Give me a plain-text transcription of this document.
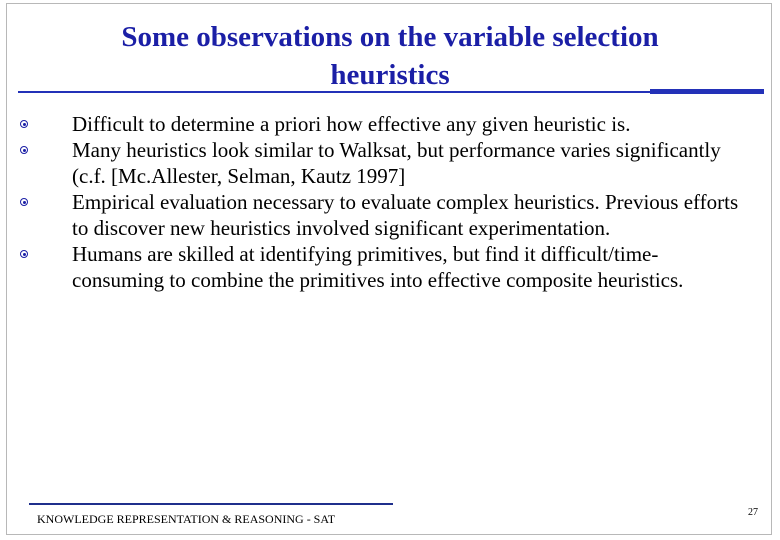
Some observations on the variable selection heuristics
Difficult to determine a priori how effective any given heuristic is.
Many heuristics look similar to Walksat, but performance varies significantly (c.f. [Mc.Allester, Selman, Kautz 1997]
Empirical evaluation necessary to evaluate complex heuristics. Previous efforts to discover new heuristics involved significant experimentation.
Humans are skilled at identifying primitives, but find it difficult/time-consuming to combine the primitives into effective composite heuristics.
KNOWLEDGE REPRESENTATION & REASONING - SAT	27
